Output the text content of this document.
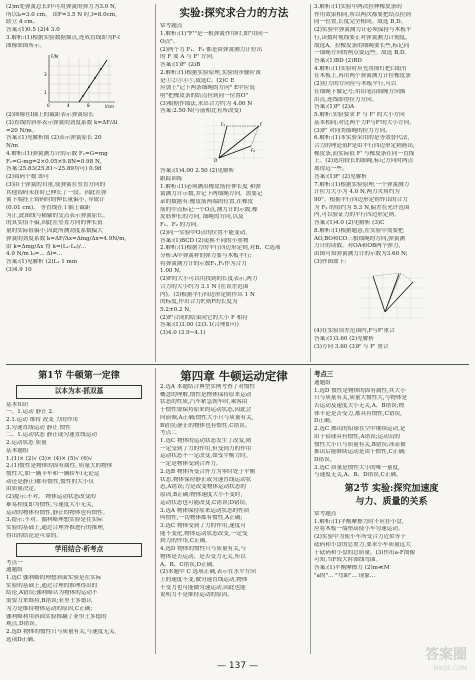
(2)m处弹簧总长l中可用弹簧的弹力为3.0 N,

所以l₀=3.0 cm。 由F=3.5 N 时,l=8.0cm,

联立 4 cm。

答案:(1)0.5 (2)4 3.0

3.解析:(1)根据实验数据描点,连成直线即为F-l

图像如图所示。

F/N
l/cm
0	4	8
1
3

(2)图像在l轴上的截距表示弹簧原长

(3)直线的斜率表示弹簧的劲度系数 k=ΔF/Δl

=20 N/m。

答案:(1)见解析图 (2)表示弹簧原长 20

N/m

4.解析:(1)弹簧测力计的示数 F₁=G=mg

F₁=G-mg=2×0.05×9.8N=0.98 N,

答案:25.83(25.81~25.89均可) 0.98

(2)钩码个数 即可

(3)由于弹簧的自重,使弹簧在竖直方向的

其他钩码未挂时已伸长了一段。因此在弹

簧下端挂上钩码时的伸长量偏小, 导致计

(0.01 cm)。 等直线在 l 轴上截距

为正,此图线与横轴的交点表示弹簧原长。

的真实值不偏,因此在竖直方向的伸长值

量的实际值偏小,因此所测劲度系数偏大

弹簧的劲度系数 k=ΔF/Δx=Δmg/Δx=4.9N/m,

由 k=Δmg/Δx 得 k=(L₁-L₀)/...

4.9 N/m l₀=... Δl=...

答案:(1)见解析 (2)L₁ 1 mm

(3)4.9 10

实验:探究求合力的方法

常考题点

1.解析:(1)"F'"是一根弹簧作用时,如"用同一

O点"。

(2)两个力 F₁、F₂ 都是由弹簧测力计拉出

的 F 要 A 与 F' 方向。

答案:(1)F' (2)B

2.解析:(1)根据实验原理,实验的步骤应该

是①②③④⑤,故选C。(2)C E

应加上"记下两条细绳的方向" E中应说

明"把橡皮条的结点拉到同一位置O"

(3)根据作图法,求出合力约为 4.00 N

答案:2.50 N(与前相比有所改变)

F₁
F₂
F
O

答案:(1)4.00 2.50 (2)见解析

跟踪训练

1.解析:(1)必须测出橡皮筋拉伸长度 和弹

簧测力计示数,并记下两细绳方向。需要记

录的数据有:橡皮筋两端的位置,在橡皮

筋的中点标记一个O点,测力计的示数,橡

皮筋伸长的方向, 细绳的方向,以及

F₁、F₂ 的方向。

(2)同一实验中O点的位置不能变动。

答案:(1)BCD (2)更换不同的小重物

2.解析:(1)根据力的平行四边形定则,对B、C选项

分析:A中弹簧秤的弹力要与木板平行;

将弹簧测力计的示数F₁,F₂作为合力

1.00 N。

(2)F的大小可以用找到的长度表示,两力

合力的大小约为 3.1 N (在误差范围

内)。(3)根据平行四边形定则作出 1 N

的标度,作出合力F,则F的长度为

5.2±0.2 N。

(2)F'合成的结果同它的大小 F 相符

答案:(1)3.00 (2)3.1(合理即可)

(3)4.0 (3.9~4.1)

3.解析:(1)实验中两次拉伸橡皮条的

作用效果相同,所以两次都要把结点拉到

同一位置,长度完全相同。故选 B,D。

(2)实验中弹簧测力计必须保持与木板平

行,读数时视线要正对弹簧测力计刻度。

故选A。拉橡皮条的细绳要长些,标记同

一细绳方向的两点要远些。故选 B,D。

答案:(1)BD (2)BD

4.解析:(1)实验时应先用图钉把白纸钉

在木板上,再用两个弹簧测力计拉橡皮条

(2)拉力的方向应与木板平行,可以

在细绳下做记号;用铅笔沿细绳方向描

出点,连线即得拉力方向。

答案:(1)F' (2)A

5.解析:实验要求 F 与 F' 的大小方向

基本相同;对比两个力F与F'的大小方向。

(3)F' 对同类细绳的拉力方向。

6.解析:(1)本实验采用的是等效替代法,

合力的理论值F是由平行四边形定则画出,

橡皮条,而实际值 F' 与橡皮条在同一直线

上。(2)选用较长的细绳,标记方向时两点

离得远一些。

答案:(1)F' (2)见解析

7.解析:(1)根据实验原理,一个弹簧测力

计拉力大小为 4.0 N,两力夹角约为

90°。根据平行四边形定则作出的合力

为 F₂ 的值约为 5.3 N,偏差在允许范围

内,可以验证力的平行四边形定则。

答案:(1)4.0 (2)见解析 (3)C

8.解析:(1)根据题意,在实验中需要把

AO,BO和CO三根细绳的方向,弹簧测

力计的读数。对OA和OB两个弹力,

由图可知弹簧测力计的示数为3.60 N;

(3)作图如下:

(4)在实验误差范围内,F与F'重合

答案:(1)3.60 (2)见解析

(3)方向 3.60 (3)F 与 F' 重合

第四章 牛顿运动定律
第1节 牛顿第一定律
以本为本·抓双基

基本知识

一、1.运动 静止 2.

2.1.运动 维持 改变 力的作用

3.匀速直线运动 静止 惯性

二、1.运动状态 静止或匀速直线运动

2.运动状态 质量

基本题组

1.(1)× (2)√ (3)× (4)× (5)√ (6)√

2.(1)惯性是物体的固有属性, 质量大的物体

惯性大,如一辆卡车和一辆轿车(无论运

动还是静止)都有惯性,惯性的大小仅

由质量决定。

(2)提示:不对。 物体运动状态改变的

难易程度即为惯性,与速度大小无关,

运动的物体有惯性,静止的物体也有惯性。

3.提示:不对。伽利略理想实验是在实际

实验的基础上,通过合理外推进行的推理,

得出的结论是可靠的。

学用结合·析考点

考点一

通题组

1.选C 伽利略的理想斜面实验是在实际

实验的基础上,通过合理的推理得出的

结论,A错误;伽利略认为物体的运动不

需要力来维持,B错误;亚里士多德认

为力是维持物体运动的原因,C正确;

伽利略利用斜面实验推翻了亚里士多德的

观点,D错误。

2.选D 物体的惯性只与质量有关,与速度无关,

选项D正确。

2.选A 本题结合典型实例考查了对惯性

概念的理解,惯性是物体保持原来运动

状态的性质,汽车紧急刹车时,乘客由

于惯性要保持原来的运动状态,因此会

向前倾,A正确;惯性大小只与质量有关,

B错误;静止的物体也有惯性,C错误。

考点二

1.选C 物体的运动状态发生了改变,则

一定受到了力的作用,但受到力的作用

运动状态不一定改变,如受平衡力时。

一定是物体受到合外力。

2.选B 物体所受合外力为零时处于平衡

状态,物体保持静止或匀速直线运动状

态,A错误;力是改变物体运动状态的

原因,B正确;物体速度大小不变时,

运动状态也可能改变,C错误;D错误。

3.选A 物体保持原来运动状态的性质

叫惯性,一切物体都有惯性,A正确;

3.选C 物体受到了力的作用,速度可

能不变化,物体运动状态改变,一定受

到力的作用,C正确。

4.选D 物体的惯性只与质量有关,与

物体是否运动、是否受力无关,所以

A、B、C错误,D正确。

(2)本题中 C 选项正确,表示在水平方向

上的速度不变,做匀速直线运动,物体

不受力也可能做匀速运动,因此也能

说明力不是维持运动的原因。

考点三

通题组

1.选D 惯性是物体的固有属性,其大小

只与质量有关,质量大惯性大,与物体是

否运动及速度大小无关,A、B错误;物

体不论是否受力,都具有惯性,C错误,

D正确。

2.选C 掷出的铅球在空中继续运动,是

由于铅球具有惯性,A错误;运动员的

惯性大小只与质量有关,B错误;冰壶被

推出后能继续运动是由于惯性,C正确;

D错误。

3.选C 质量是惯性大小的唯一量度,

与速度无关,A、B、D错误,C正确。

第2节 实验:探究加速度
与力、质量的关系

常考题点

1.解析:(1)平衡摩擦力时不应挂小盘,

应将木板一端垫高使小车匀速运动。

(2)实验中为使小车所受合力近似等于

砝码和小盘的总重力,要求小车质量远大

于砝码和小盘的总质量。(3)作出a-F图像

可知,当F较大时图线弯曲。

答案:(1)平衡摩擦力 (2)m≪M

"a的"... "弯曲"... 现象...

— 137 —
答案圈
MXQE.COM
